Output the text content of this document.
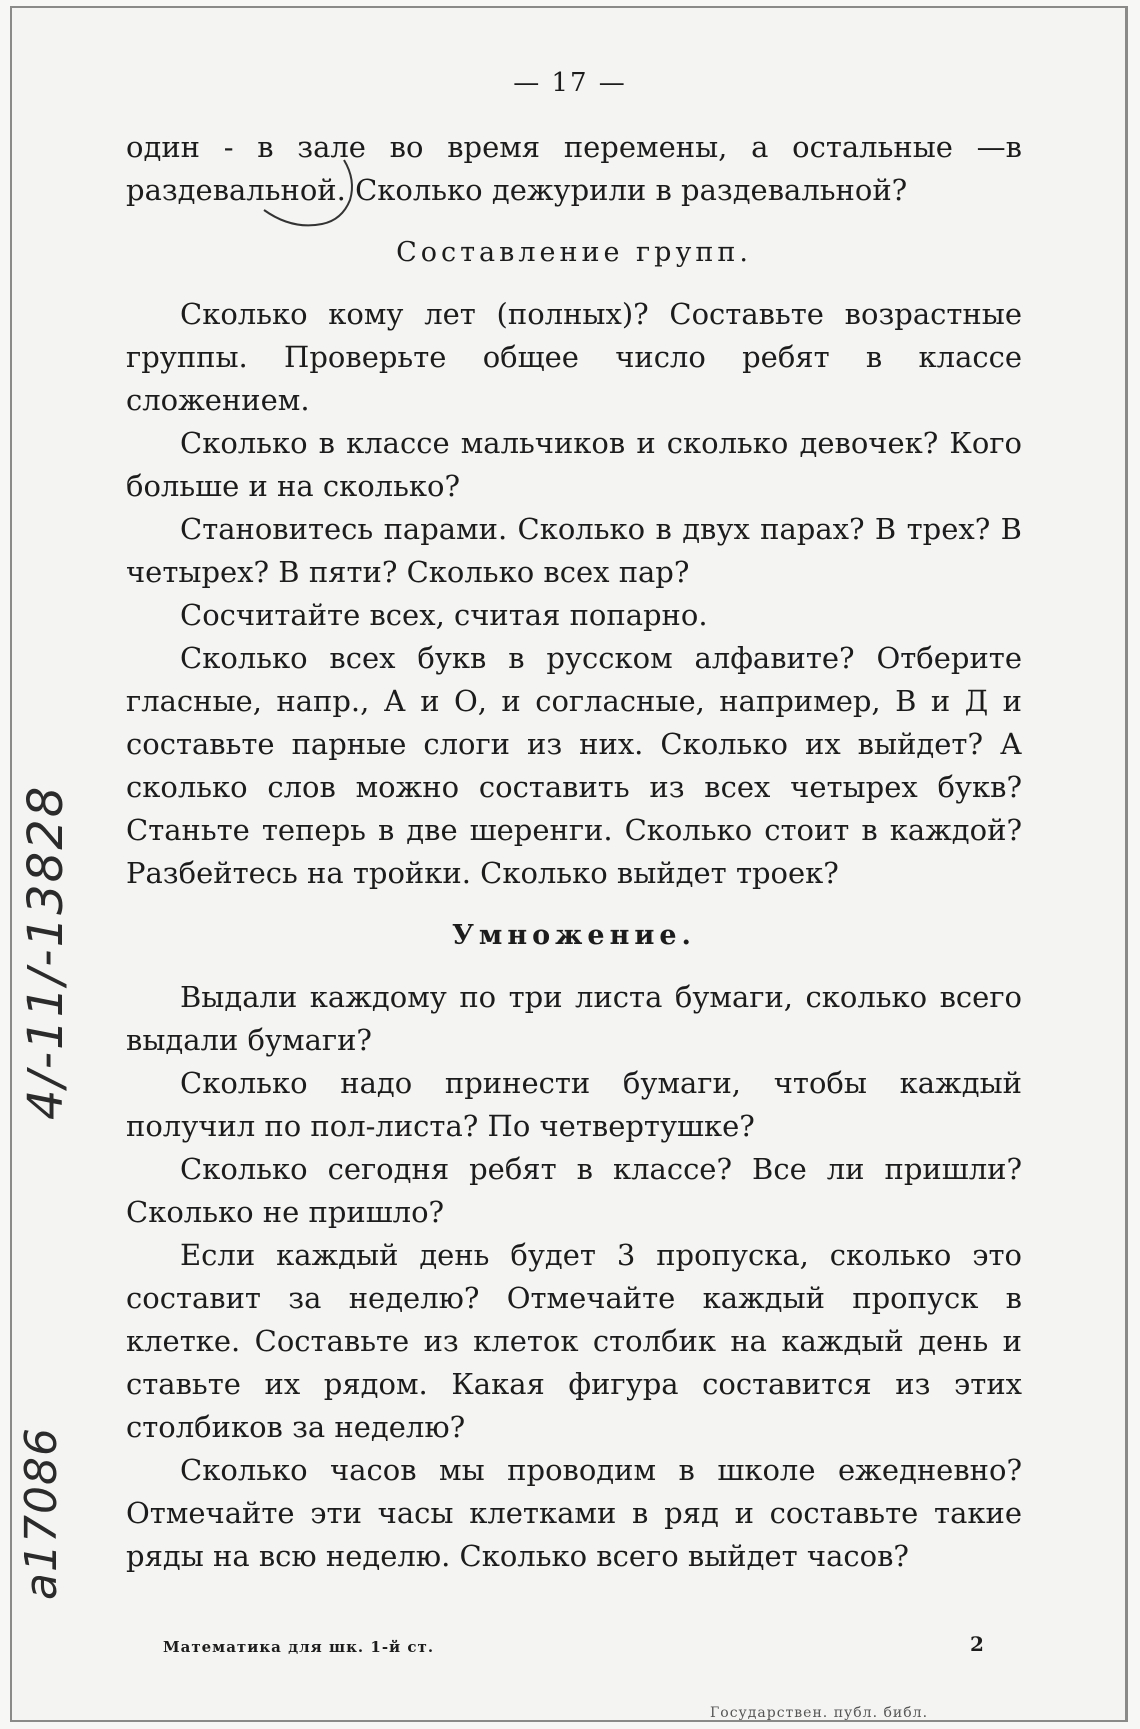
— 17 —

один - в зале во время перемены, а остальные —в раздевальной. Сколько дежурили в раздевальной?

Составление групп.

Сколько кому лет (полных)? Составьте возрастные группы. Проверьте общее число ребят в классе сложением.

Сколько в классе мальчиков и сколько девочек? Кого больше и на сколько?

Становитесь парами. Сколько в двух парах? В трех? В четырех? В пяти? Сколько всех пар?

Сосчитайте всех, считая попарно.

Сколько всех букв в русском алфавите? Отберите гласные, напр., А и О, и согласные, например, В и Д и составьте парные слоги из них. Сколько их выйдет? А сколько слов можно составить из всех четырех букв? Станьте теперь в две шеренги. Сколько стоит в каждой? Разбейтесь на тройки. Сколько выйдет троек?

Умножение.

Выдали каждому по три листа бумаги, сколько всего выдали бумаги?

Сколько надо принести бумаги, чтобы каждый получил по пол-листа? По четвертушке?

Сколько сегодня ребят в классе? Все ли пришли? Сколько не пришло?

Если каждый день будет 3 пропуска, сколько это составит за неделю? Отмечайте каждый пропуск в клетке. Составьте из клеток столбик на каждый день и ставьте их рядом. Какая фигура составится из этих столбиков за неделю?

Сколько часов мы проводим в школе ежедневно? Отмечайте эти часы клетками в ряд и составьте такие ряды на всю неделю. Сколько всего выйдет часов?

Математика для шк. 1-й ст.	2
4/-11/-13828
a17086
Государствен. публ. библ.
